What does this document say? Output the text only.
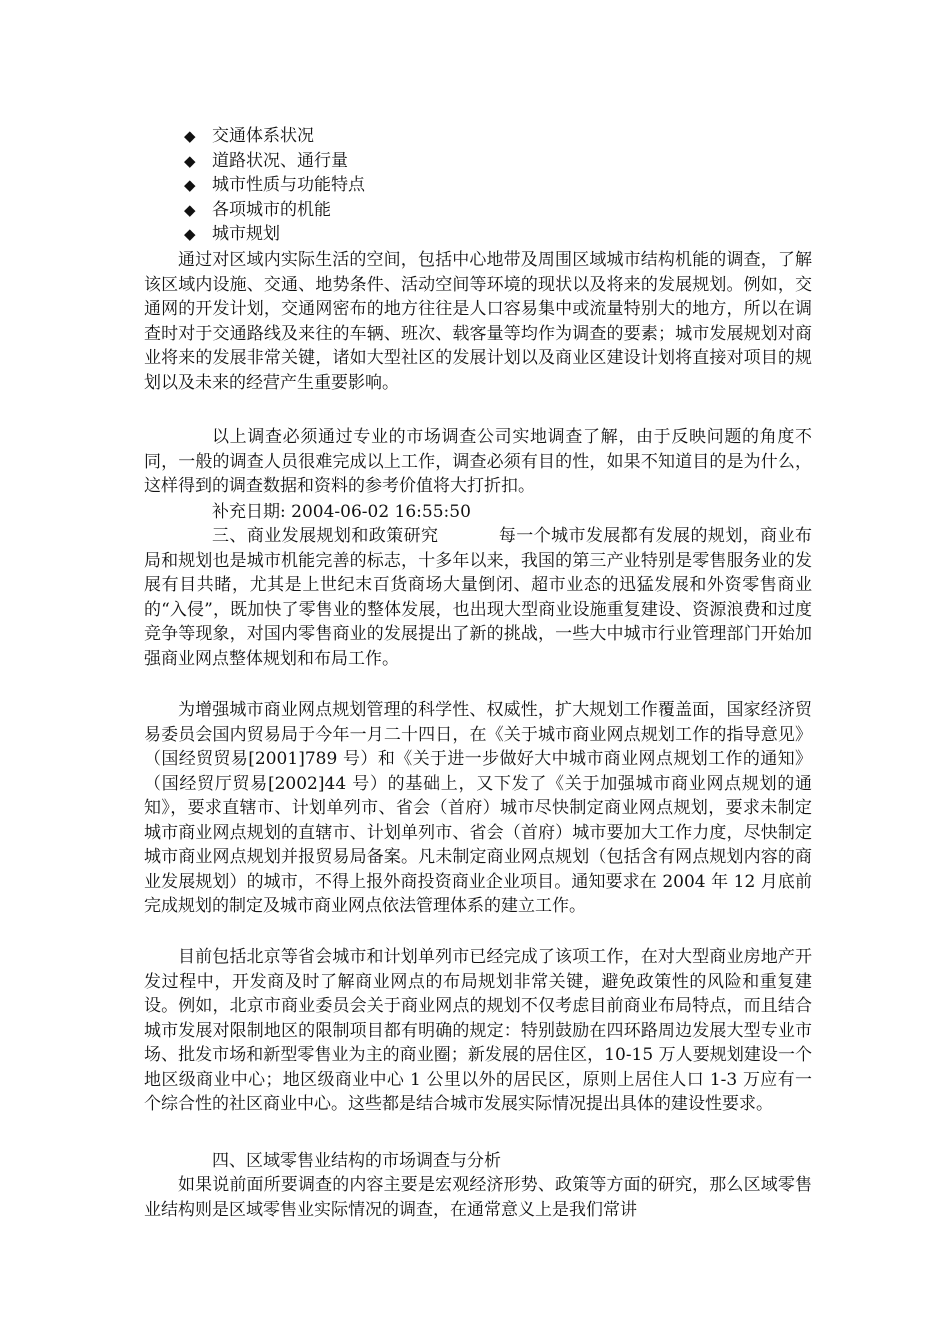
◆ 交通体系状况
◆ 道路状况、通行量
◆ 城市性质与功能特点
◆ 各项城市的机能
◆ 城市规划

通过对区域内实际生活的空间，包括中心地带及周围区域城市结构机能的调查，了解该区域内设施、交通、地势条件、活动空间等环境的现状以及将来的发展规划。例如，交通网的开发计划，交通网密布的地方往往是人口容易集中或流量特别大的地方，所以在调查时对于交通路线及来往的车辆、班次、载客量等均作为调查的要素；城市发展规划对商业将来的发展非常关键，诸如大型社区的发展计划以及商业区建设计划将直接对项目的规划以及未来的经营产生重要影响。

以上调查必须通过专业的市场调查公司实地调查了解，由于反映问题的角度不同，一般的调查人员很难完成以上工作，调查必须有目的性，如果不知道目的是为什么，这样得到的调查数据和资料的参考价值将大打折扣。

补充日期: 2004-06-02 16:55:50

三、商业发展规划和政策研究	每一个城市发展都有发展的规划，商业布局和规划也是城市机能完善的标志，十多年以来，我国的第三产业特别是零售服务业的发展有目共睹，尤其是上世纪末百货商场大量倒闭、超市业态的迅猛发展和外资零售商业的“入侵”，既加快了零售业的整体发展，也出现大型商业设施重复建设、资源浪费和过度竞争等现象，对国内零售商业的发展提出了新的挑战，一些大中城市行业管理部门开始加强商业网点整体规划和布局工作。

为增强城市商业网点规划管理的科学性、权威性，扩大规划工作覆盖面，国家经济贸易委员会国内贸易局于今年一月二十四日，在《关于城市商业网点规划工作的指导意见》（国经贸贸易[2001]789 号）和《关于进一步做好大中城市商业网点规划工作的通知》（国经贸厅贸易[2002]44 号）的基础上，又下发了《关于加强城市商业网点规划的通知》，要求直辖市、计划单列市、省会（首府）城市尽快制定商业网点规划，要求未制定城市商业网点规划的直辖市、计划单列市、省会（首府）城市要加大工作力度，尽快制定城市商业网点规划并报贸易局备案。凡未制定商业网点规划（包括含有网点规划内容的商业发展规划）的城市，不得上报外商投资商业企业项目。通知要求在 2004 年 12 月底前完成规划的制定及城市商业网点依法管理体系的建立工作。

目前包括北京等省会城市和计划单列市已经完成了该项工作，在对大型商业房地产开发过程中，开发商及时了解商业网点的布局规划非常关键，避免政策性的风险和重复建设。例如，北京市商业委员会关于商业网点的规划不仅考虑目前商业布局特点，而且结合城市发展对限制地区的限制项目都有明确的规定：特别鼓励在四环路周边发展大型专业市场、批发市场和新型零售业为主的商业圈；新发展的居住区，10-15 万人要规划建设一个地区级商业中心；地区级商业中心 1 公里以外的居民区，原则上居住人口 1-3 万应有一个综合性的社区商业中心。这些都是结合城市发展实际情况提出具体的建设性要求。

四、区域零售业结构的市场调查与分析

如果说前面所要调查的内容主要是宏观经济形势、政策等方面的研究，那么区域零售业结构则是区域零售业实际情况的调查，在通常意义上是我们常讲
